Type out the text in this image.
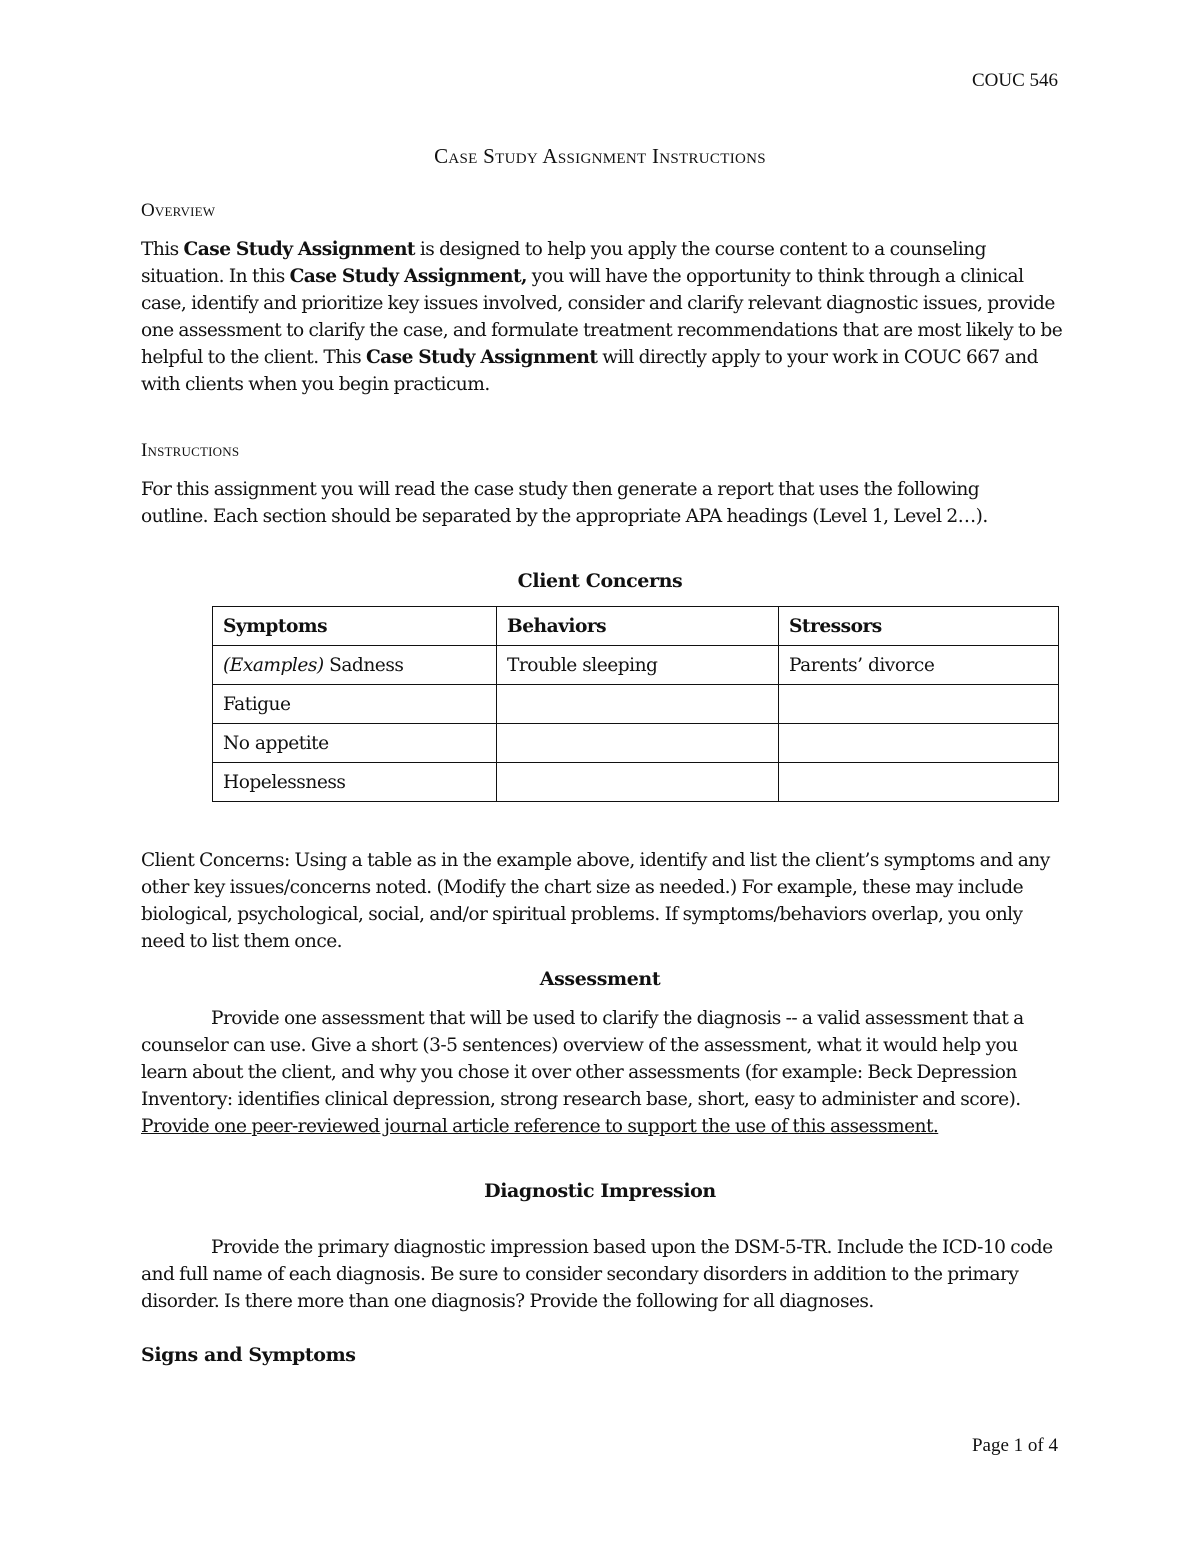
COUC 546
Case Study Assignment Instructions
Overview
This Case Study Assignment is designed to help you apply the course content to a counseling situation. In this Case Study Assignment, you will have the opportunity to think through a clinical case, identify and prioritize key issues involved, consider and clarify relevant diagnostic issues, provide one assessment to clarify the case, and formulate treatment recommendations that are most likely to be helpful to the client. This Case Study Assignment will directly apply to your work in COUC 667 and with clients when you begin practicum.
Instructions
For this assignment you will read the case study then generate a report that uses the following outline. Each section should be separated by the appropriate APA headings (Level 1, Level 2…).
Client Concerns
Symptoms	Behaviors	Stressors
(Examples) Sadness	Trouble sleeping	Parents’ divorce
Fatigue		
No appetite		
Hopelessness		
Client Concerns: Using a table as in the example above, identify and list the client’s symptoms and any other key issues/concerns noted. (Modify the chart size as needed.) For example, these may include biological, psychological, social, and/or spiritual problems. If symptoms/behaviors overlap, you only need to list them once.
Assessment
Provide one assessment that will be used to clarify the diagnosis -- a valid assessment that a counselor can use. Give a short (3-5 sentences) overview of the assessment, what it would help you learn about the client, and why you chose it over other assessments (for example: Beck Depression Inventory: identifies clinical depression, strong research base, short, easy to administer and score). Provide one peer-reviewed journal article reference to support the use of this assessment.
Diagnostic Impression
Provide the primary diagnostic impression based upon the DSM-5-TR. Include the ICD-10 code and full name of each diagnosis. Be sure to consider secondary disorders in addition to the primary disorder. Is there more than one diagnosis? Provide the following for all diagnoses.
Signs and Symptoms
Page 1 of 4
